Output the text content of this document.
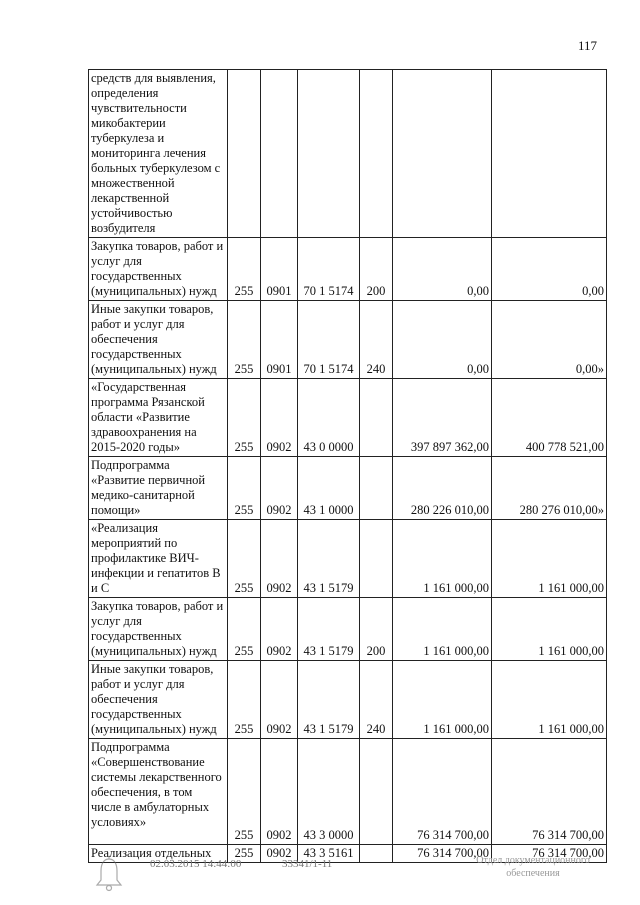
117
средств для выявления, определения чувствительности микобактерии туберкулеза и мониторинга лечения больных туберкулезом с множественной лекарственной устойчивостью возбудителя						
Закупка товаров, работ и услуг для государственных (муниципальных) нужд	255	0901	70 1 5174	200	0,00	0,00
Иные закупки товаров, работ и услуг для обеспечения государственных (муниципальных) нужд	255	0901	70 1 5174	240	0,00	0,00»
«Государственная программа Рязанской области «Развитие здравоохранения на 2015-2020 годы»	255	0902	43 0 0000		397 897 362,00	400 778 521,00
Подпрограмма «Развитие первичной медико-санитарной помощи»	255	0902	43 1 0000		280 226 010,00	280 276 010,00»
«Реализация мероприятий по профилактике ВИЧ-инфекции и гепатитов В и С	255	0902	43 1 5179		1 161 000,00	1 161 000,00
Закупка товаров, работ и услуг для государственных (муниципальных) нужд	255	0902	43 1 5179	200	1 161 000,00	1 161 000,00
Иные закупки товаров, работ и услуг для обеспечения государственных (муниципальных) нужд	255	0902	43 1 5179	240	1 161 000,00	1 161 000,00
Подпрограмма «Совершенствование системы лекарственного обеспечения, в том числе в амбулаторных условиях»	255	0902	43 3 0000		76 314 700,00	76 314 700,00
Реализация отдельных	255	0902	43 3 5161		76 314 700,00	76 314 700,00
02.03.2015 14:44:00	33341/1-11	Отдел документационного
обеспечения
